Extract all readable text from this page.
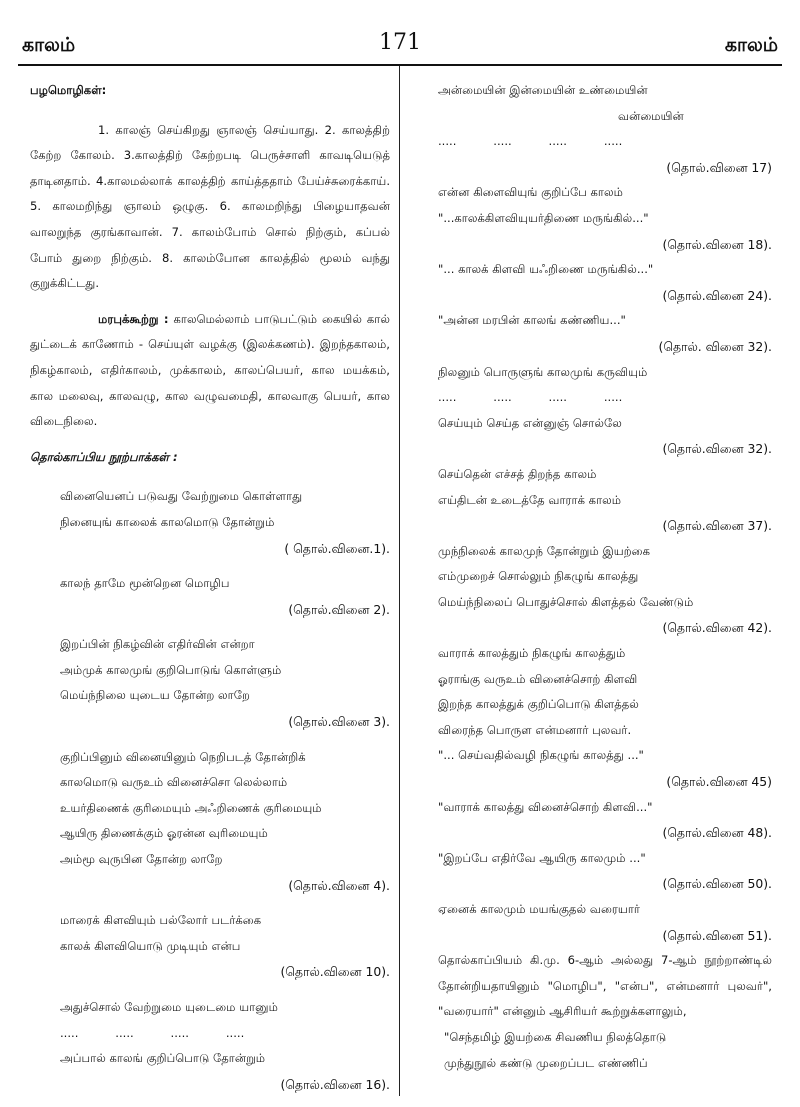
காலம்	171	காலம்

பழமொழிகள்:

1. காலஞ் செய்கிறது ஞாலஞ் செய்யாது. 2. காலத்திற் கேற்ற கோலம். 3.காலத்திற் கேற்றபடி பெருச்சாளி காவடியெடுத் தாடினதாம். 4.காலமல்லாக் காலத்திற் காய்த்ததாம் பேய்ச்சுரைக்காய். 5. காலமறிந்து ஞாலம் ஒழுகு. 6. காலமறிந்து பிழையாதவன் வாலறுந்த குரங்காவான். 7. காலம்போம் சொல் நிற்கும், கப்பல் போம் துறை நிற்கும். 8. காலம்போன காலத்தில் மூலம் வந்து குறுக்கிட்டது.

மரபுக்கூற்று : காலமெல்லாம் பாடுபட்டும் கையில் கால் துட்டைக் காணோம் - செய்யுள் வழக்கு (இலக்கணம்). இறந்தகாலம், நிகழ்காலம், எதிர்காலம், முக்காலம், காலப்பெயர், கால மயக்கம், கால மலைவு, காலவழு, கால வழுவமைதி, காலவாகு பெயர், கால விடைநிலை.

தொல்காப்பிய நூற்பாக்கள் :

வினையெனப் படுவது வேற்றுமை கொள்ளாது
நினையுங் காலைக் காலமொடு தோன்றும்
( தொல்.வினை.1).
காலந் தாமே மூன்றென மொழிப
(தொல்.வினை 2).
இறப்பின் நிகழ்வின் எதிர்வின் என்றா
அம்முக் காலமுங் குறிபொடுங் கொள்ளும்
மெய்ந்நிலை யுடைய தோன்ற லாறே
(தொல்.வினை 3).
குறிப்பினும் வினையினும் நெறிபடத் தோன்றிக்
காலமொடு வருஉம் வினைச்சொ லெல்லாம்
உயர்திணைக் குரிமையும் அஃறிணைக் குரிமையும்
ஆயிரு திணைக்கும் ஓரன்ன வுரிமையும்
அம்மூ வுருபின தோன்ற லாறே
(தொல்.வினை 4).
மாரைக் கிளவியும் பல்லோர் படர்க்கை
காலக் கிளவியொடு முடியும் என்ப
(தொல்.வினை 10).
அதுச்சொல் வேற்றுமை யுடைமை யானும்
.....          .....          .....          .....
அப்பால் காலங் குறிப்பொடு தோன்றும்
(தொல்.வினை 16).
அன்மையின் இன்மையின் உண்மையின்
வன்மையின்
.....          .....          .....          .....
(தொல்.வினை 17)
என்ன கிளைவியுங் குறிப்பே காலம்
"...காலக்கிளவியுயர்திணை மருங்கில்..."
(தொல்.வினை 18).
"... காலக் கிளவி யஃறிணை மருங்கில்..."
(தொல்.வினை 24).
"அன்ன மரபின் காலங் கண்ணிய..."
(தொல். வினை 32).
நிலனும் பொருளுங் காலமுங் கருவியும்
.....          .....          .....          .....
செய்யும் செய்த என்னுஞ் சொல்லே
(தொல்.வினை 32).
செய்தென் எச்சத் திறந்த காலம்
எய்திடன் உடைத்தே வாராக் காலம்
(தொல்.வினை 37).
முந்நிலைக் காலமுந் தோன்றும் இயற்கை
எம்முறைச் சொல்லும் நிகழுங் காலத்து
மெய்ந்நிலைப் பொதுச்சொல் கிளத்தல் வேண்டும்
(தொல்.வினை 42).
வாராக் காலத்தும் நிகழுங் காலத்தும்
ஓராங்கு வருஉம் வினைச்சொற் கிளவி
இறந்த காலத்துக் குறிப்பொடு கிளத்தல்
விரைந்த பொருள என்மனார் புலவர்.
"... செய்வதில்வழி நிகழுங் காலத்து ..."
(தொல்.வினை 45)
"வாராக் காலத்து வினைச்சொற் கிளவி..."
(தொல்.வினை 48).
"இறப்பே எதிர்வே ஆயிரு காலமும் ..."
(தொல்.வினை 50).
ஏனைக் காலமும் மயங்குதல் வரையார்
(தொல்.வினை 51).

தொல்காப்பியம் கி.மு. 6-ஆம் அல்லது 7-ஆம் நூற்றாண்டில் தோன்றியதாயினும் "மொழிப", "என்ப", என்மனார் புலவர்", "வரையார்" என்னும் ஆசிரியர் கூற்றுக்களாலும்,

"செந்தமிழ் இயற்கை சிவணிய நிலத்தொடு
முந்துநூல் கண்டு முறைப்பட எண்ணிப்
